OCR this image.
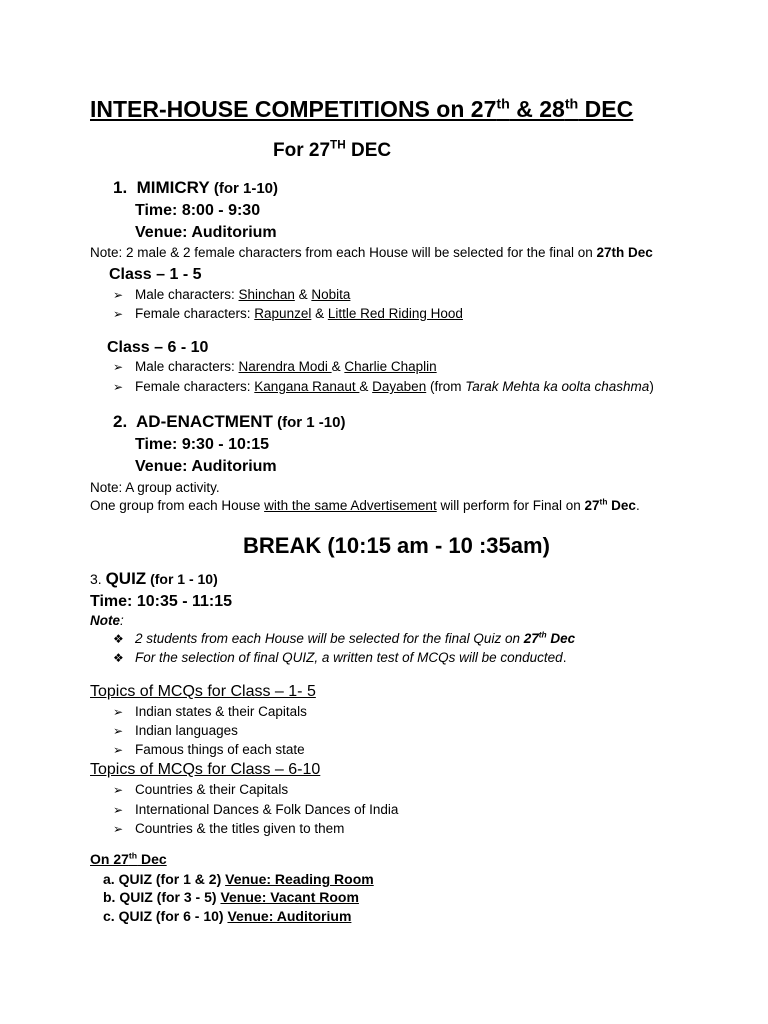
INTER-HOUSE COMPETITIONS on 27th & 28th DEC
For 27TH DEC
1. MIMICRY (for 1-10)
Time: 8:00 - 9:30
Venue: Auditorium
Note: 2 male & 2 female characters from each House will be selected for the final on 27th Dec
Class – 1 - 5
➢ Male characters: Shinchan & Nobita
➢ Female characters: Rapunzel & Little Red Riding Hood
Class – 6 - 10
➢ Male characters: Narendra Modi & Charlie Chaplin
➢ Female characters: Kangana Ranaut & Dayaben (from Tarak Mehta ka oolta chashma)
2. AD-ENACTMENT (for 1 -10)
Time: 9:30 - 10:15
Venue: Auditorium
Note: A group activity.
One group from each House with the same Advertisement will perform for Final on 27th Dec.
BREAK (10:15 am - 10 :35am)
3. QUIZ (for 1 - 10)
Time: 10:35 - 11:15
Note:
❖ 2 students from each House will be selected for the final Quiz on 27th Dec
❖ For the selection of final QUIZ, a written test of MCQs will be conducted.
Topics of MCQs for Class – 1- 5
➢ Indian states & their Capitals
➢ Indian languages
➢ Famous things of each state
Topics of MCQs for Class – 6-10
➢ Countries & their Capitals
➢ International Dances & Folk Dances of India
➢ Countries & the titles given to them
On 27th Dec
a. QUIZ (for 1 & 2) Venue: Reading Room
b. QUIZ (for 3 - 5) Venue: Vacant Room
c. QUIZ (for 6 - 10) Venue: Auditorium
